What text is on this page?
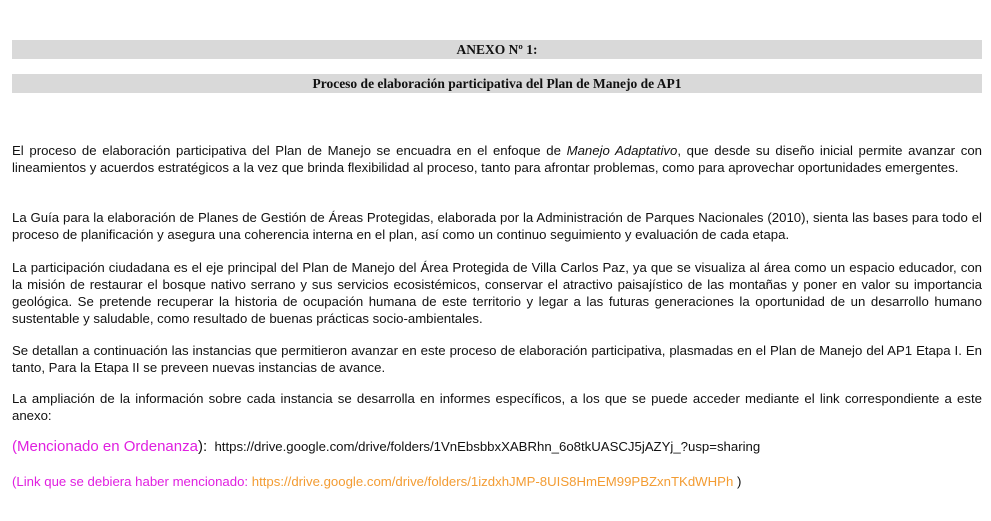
ANEXO Nº 1:
Proceso de elaboración participativa del Plan de Manejo de AP1

El proceso de elaboración participativa del Plan de Manejo se encuadra en el enfoque de Manejo Adaptativo, que desde su diseño inicial permite avanzar con lineamientos y acuerdos estratégicos a la vez que brinda flexibilidad al proceso, tanto para afrontar problemas, como para aprovechar oportunidades emergentes.

La Guía para la elaboración de Planes de Gestión de Áreas Protegidas, elaborada por la Administración de Parques Nacionales (2010), sienta las bases para todo el proceso de planificación y asegura una coherencia interna en el plan, así como un continuo seguimiento y evaluación de cada etapa.

La participación ciudadana es el eje principal del Plan de Manejo del Área Protegida de Villa Carlos Paz, ya que se visualiza al área como un espacio educador, con la misión de restaurar el bosque nativo serrano y sus servicios ecosistémicos, conservar el atractivo paisajístico de las montañas y poner en valor su importancia geológica. Se pretende recuperar la historia de ocupación humana de este territorio y legar a las futuras generaciones la oportunidad de un desarrollo humano sustentable y saludable, como resultado de buenas prácticas socio-ambientales.

Se detallan a continuación las instancias que permitieron avanzar en este proceso de elaboración participativa, plasmadas en el Plan de Manejo del AP1 Etapa I. En tanto, Para la Etapa II se preveen nuevas instancias de avance.

La ampliación de la información sobre cada instancia se desarrolla en informes específicos, a los que se puede acceder mediante el link correspondiente a este anexo:

(Mencionado en Ordenanza): https://drive.google.com/drive/folders/1VnEbsbbxXABRhn_6o8tkUASCJ5jAZYj_?usp=sharing
(Link que se debiera haber mencionado: https://drive.google.com/drive/folders/1izdxhJMP-8UIS8HmEM99PBZxnTKdWHPh )
